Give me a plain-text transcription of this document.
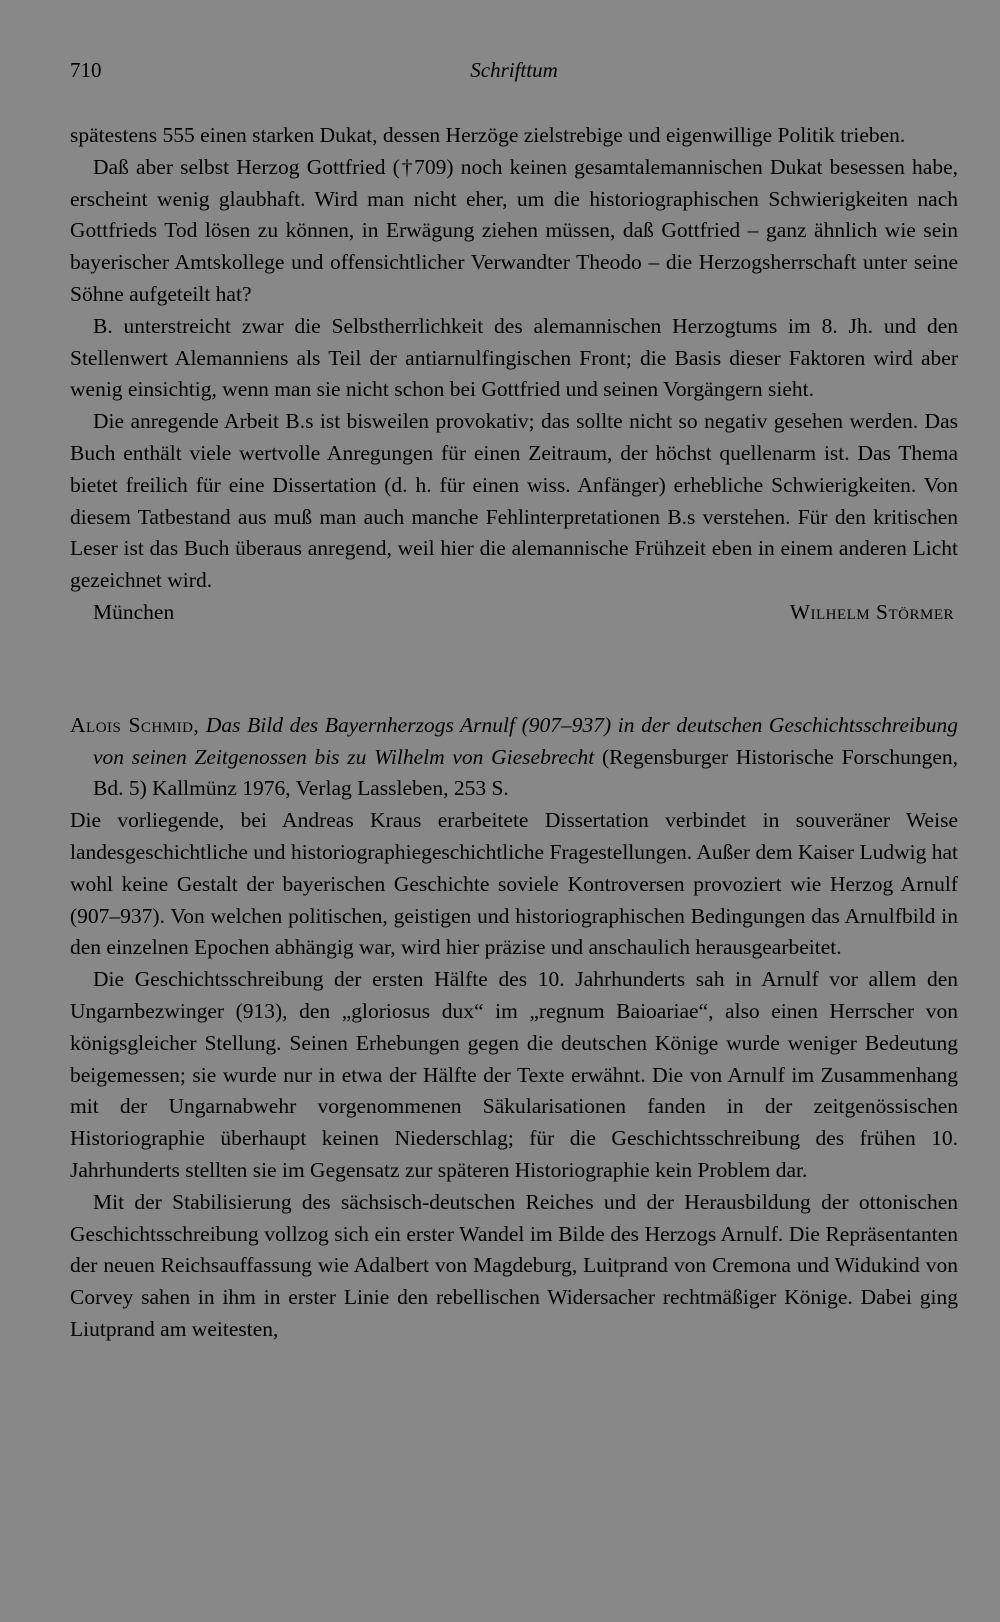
710	Schrifttum

spätestens 555 einen starken Dukat, dessen Herzöge zielstrebige und eigenwillige Politik trieben.

Daß aber selbst Herzog Gottfried (†709) noch keinen gesamtalemannischen Dukat besessen habe, erscheint wenig glaubhaft. Wird man nicht eher, um die historiographischen Schwierigkeiten nach Gottfrieds Tod lösen zu können, in Erwägung ziehen müssen, daß Gottfried – ganz ähnlich wie sein bayerischer Amtskollege und offensichtlicher Verwandter Theodo – die Herzogsherrschaft unter seine Söhne aufgeteilt hat?

B. unterstreicht zwar die Selbstherrlichkeit des alemannischen Herzogtums im 8. Jh. und den Stellenwert Alemanniens als Teil der antiarnulfingischen Front; die Basis dieser Faktoren wird aber wenig einsichtig, wenn man sie nicht schon bei Gottfried und seinen Vorgängern sieht.

Die anregende Arbeit B.s ist bisweilen provokativ; das sollte nicht so negativ gesehen werden. Das Buch enthält viele wertvolle Anregungen für einen Zeitraum, der höchst quellenarm ist. Das Thema bietet freilich für eine Dissertation (d. h. für einen wiss. Anfänger) erhebliche Schwierigkeiten. Von diesem Tatbestand aus muß man auch manche Fehlinterpretationen B.s verstehen. Für den kritischen Leser ist das Buch überaus anregend, weil hier die alemannische Frühzeit eben in einem anderen Licht gezeichnet wird.

München	Wilhelm Störmer

Alois Schmid, Das Bild des Bayernherzogs Arnulf (907–937) in der deutschen Geschichtsschreibung von seinen Zeitgenossen bis zu Wilhelm von Giesebrecht (Regensburger Historische Forschungen, Bd. 5) Kallmünz 1976, Verlag Lassleben, 253 S.

Die vorliegende, bei Andreas Kraus erarbeitete Dissertation verbindet in souveräner Weise landesgeschichtliche und historiographiegeschichtliche Fragestellungen. Außer dem Kaiser Ludwig hat wohl keine Gestalt der bayerischen Geschichte soviele Kontroversen provoziert wie Herzog Arnulf (907–937). Von welchen politischen, geistigen und historiographischen Bedingungen das Arnulfbild in den einzelnen Epochen abhängig war, wird hier präzise und anschaulich herausgearbeitet.

Die Geschichtsschreibung der ersten Hälfte des 10. Jahrhunderts sah in Arnulf vor allem den Ungarnbezwinger (913), den „gloriosus dux“ im „regnum Baioariae“, also einen Herrscher von königsgleicher Stellung. Seinen Erhebungen gegen die deutschen Könige wurde weniger Bedeutung beigemessen; sie wurde nur in etwa der Hälfte der Texte erwähnt. Die von Arnulf im Zusammenhang mit der Ungarnabwehr vorgenommenen Säkularisationen fanden in der zeitgenössischen Historiographie überhaupt keinen Niederschlag; für die Geschichtsschreibung des frühen 10. Jahrhunderts stellten sie im Gegensatz zur späteren Historiographie kein Problem dar.

Mit der Stabilisierung des sächsisch-deutschen Reiches und der Herausbildung der ottonischen Geschichtsschreibung vollzog sich ein erster Wandel im Bilde des Herzogs Arnulf. Die Repräsentanten der neuen Reichsauffassung wie Adalbert von Magdeburg, Luitprand von Cremona und Widukind von Corvey sahen in ihm in erster Linie den rebellischen Widersacher rechtmäßiger Könige. Dabei ging Liutprand am weitesten,
